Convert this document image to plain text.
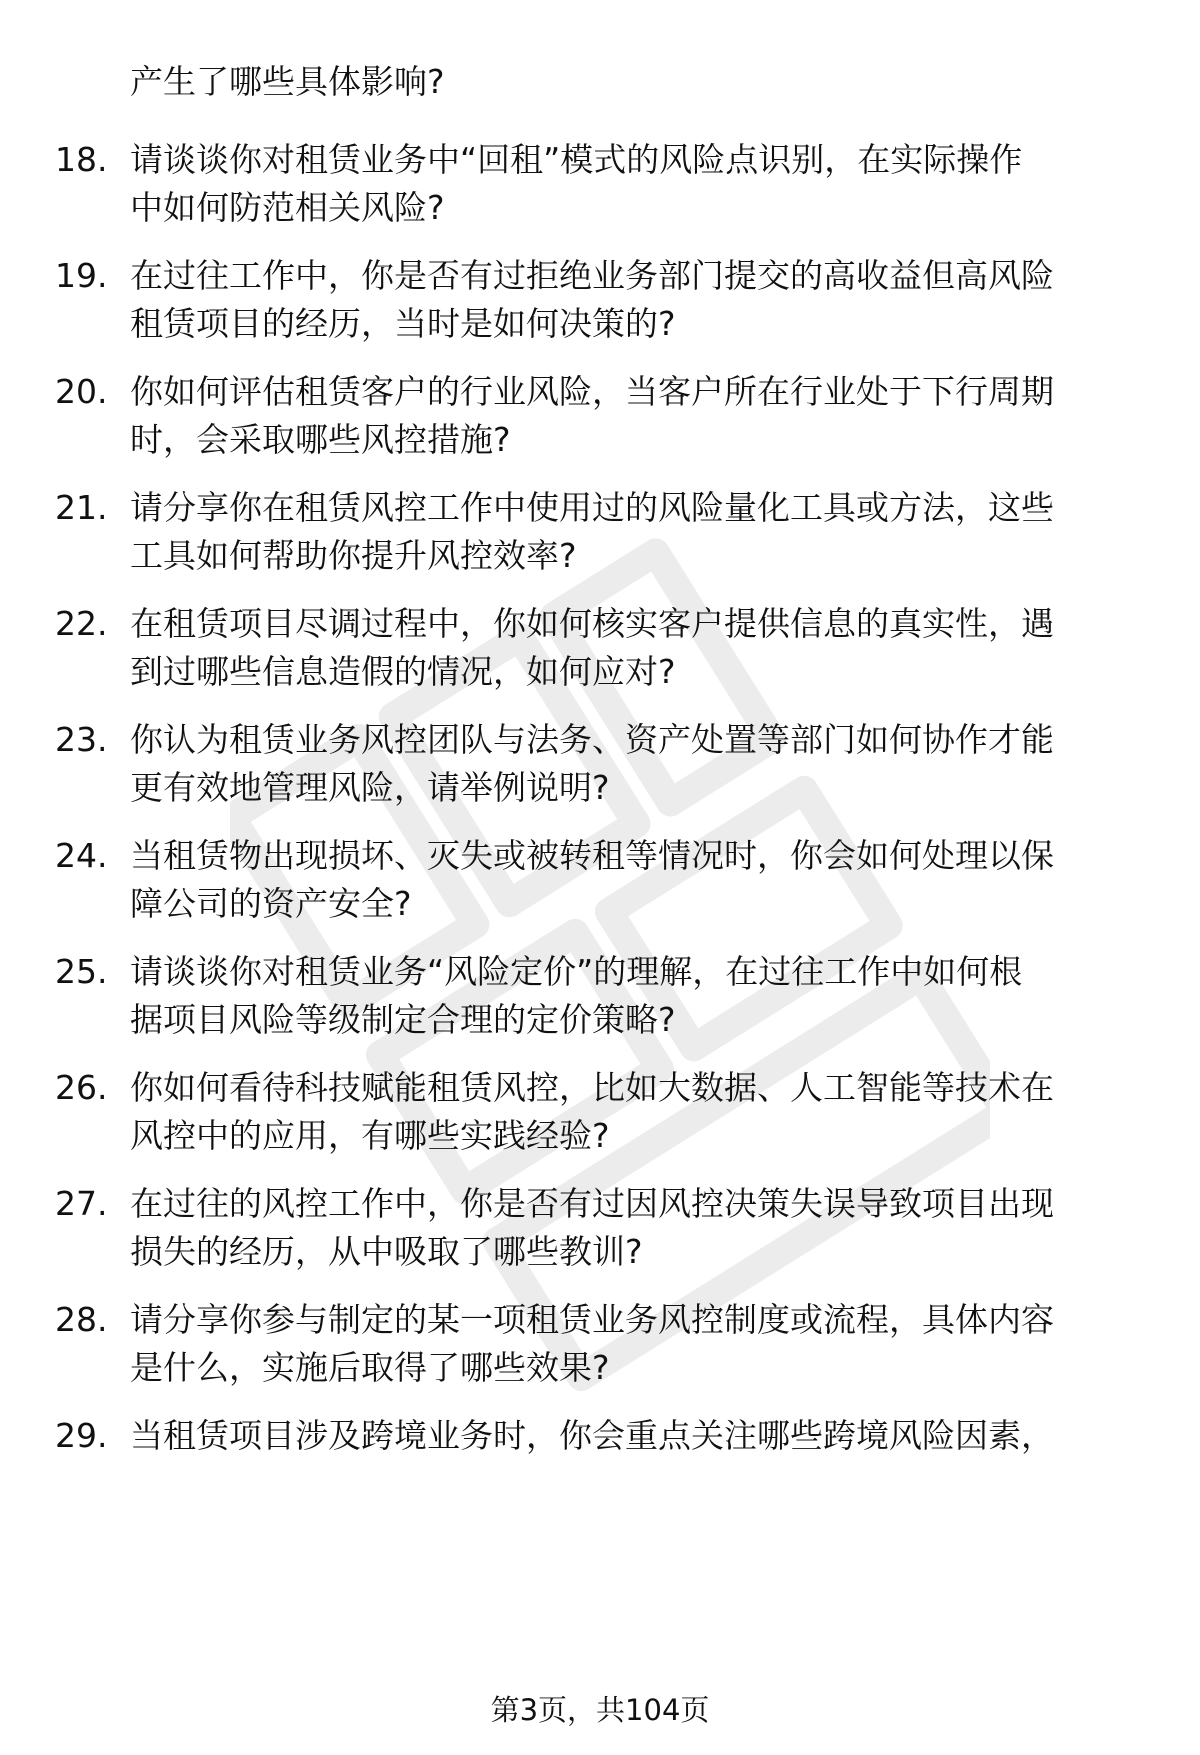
产生了哪些具体影响?
18. 请谈谈你对租赁业务中“回租”模式的风险点识别，在实际操作
中如何防范相关风险?
19. 在过往工作中，你是否有过拒绝业务部门提交的高收益但高风险
租赁项目的经历，当时是如何决策的?
20. 你如何评估租赁客户的行业风险，当客户所在行业处于下行周期
时，会采取哪些风控措施?
21. 请分享你在租赁风控工作中使用过的风险量化工具或方法，这些
工具如何帮助你提升风控效率?
22. 在租赁项目尽调过程中，你如何核实客户提供信息的真实性，遇
到过哪些信息造假的情况，如何应对?
23. 你认为租赁业务风控团队与法务、资产处置等部门如何协作才能
更有效地管理风险，请举例说明?
24. 当租赁物出现损坏、灭失或被转租等情况时，你会如何处理以保
障公司的资产安全?
25. 请谈谈你对租赁业务“风险定价”的理解，在过往工作中如何根
据项目风险等级制定合理的定价策略?
26. 你如何看待科技赋能租赁风控，比如大数据、人工智能等技术在
风控中的应用，有哪些实践经验?
27. 在过往的风控工作中，你是否有过因风控决策失误导致项目出现
损失的经历，从中吸取了哪些教训?
28. 请分享你参与制定的某一项租赁业务风控制度或流程，具体内容
是什么，实施后取得了哪些效果?
29. 当租赁项目涉及跨境业务时，你会重点关注哪些跨境风险因素，
第3页，共104页
